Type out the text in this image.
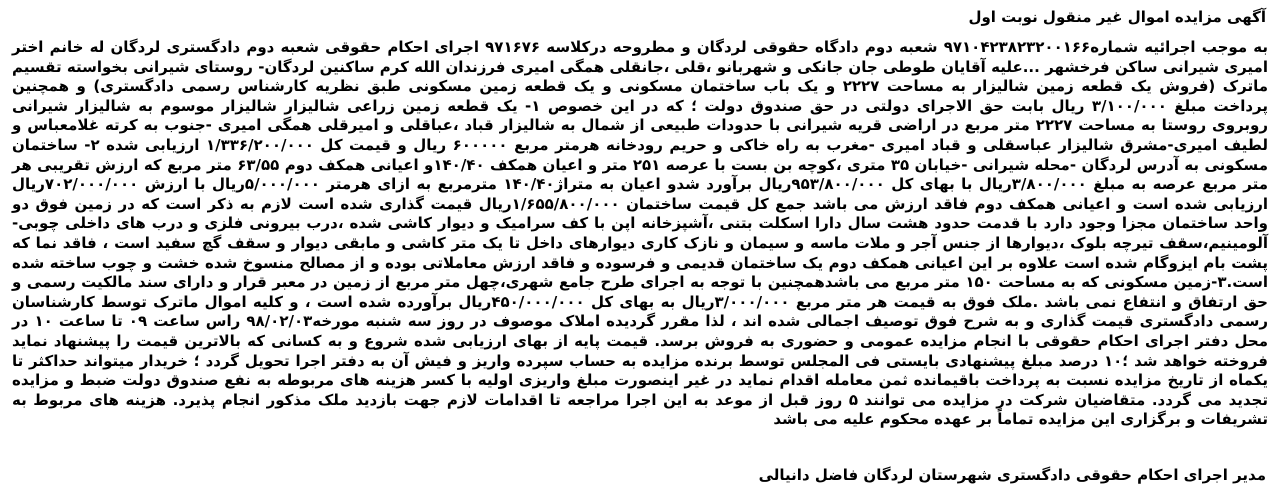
آگهی مزایده اموال غیر منقول نوبت اول

به موجب اجرائیه شماره۹۷۱۰۴۲۳۸۲۳۲۰۰۱۶۶ شعبه دوم دادگاه حقوقی لردگان و مطروحه درکلاسه ۹۷۱۶۷۶ اجرای احکام حقوقی شعبه دوم دادگستری لردگان له خانم اختر امیری شیرانی ساکن فرخشهر ...علیه آقایان طوطی جان جانکی و شهربانو ،قلی ،جانقلی همگی امیری فرزندان الله کرم ساکنین لردگان- روستای شیرانی بخواسته تقسیم ماترک (فروش یک قطعه زمین شالیزار به مساحت ۲۲۲۷ و یک باب ساختمان مسکونی و یک قطعه زمین مسکونی طبق نظریه کارشناس رسمی دادگستری) و همچنین پرداخت مبلغ ۳/۱۰۰/۰۰۰ ریال بابت حق الاجرای دولتی در حق صندوق دولت ؛ که در این خصوص ۱- یک قطعه زمین زراعی شالیزار شالیزار موسوم به شالیزار شیرانی روبروی روستا به مساحت ۲۲۲۷ متر مربع در اراضی قریه شیرانی با حدودات طبیعی از شمال به شالیزار قباد ،عباقلی و امیرقلی همگی امیری -جنوب به کرته غلامعباس و لطیف امیری-مشرق شالیزار عباسقلی و قباد امیری -مغرب به راه خاکی و حریم رودخانه هرمتر مربع ۶۰۰۰۰۰ ریال و قیمت کل ۱/۳۳۶/۲۰۰/۰۰۰ ارزیابی شده ۲- ساختمان مسکونی به آدرس لردگان -محله شیرانی -خیابان ۳۵ متری ،کوچه بن بست با عرصه ۲۵۱ متر و اعیان همکف ۱۴۰/۴۰و اعیانی همکف دوم ۶۳/۵۵ متر مربع که ارزش تقریبی هر متر مربع عرصه به مبلغ ۳/۸۰۰/۰۰۰ریال با بهای کل ۹۵۳/۸۰۰/۰۰۰ریال برآورد شدو اعیان به متراژ۱۴۰/۴۰ مترمربع به ازای هرمتر ۵/۰۰۰/۰۰۰ریال با ارزش ۷۰۲/۰۰۰/۰۰۰ریال ارزیابی شده است و اعیانی همکف دوم فاقد ارزش می باشد جمع کل قیمت ساختمان ۱/۶۵۵/۸۰۰/۰۰۰ریال قیمت گذاری شده است لازم به ذکر است که در زمین فوق دو واحد ساختمان مجزا وجود دارد با قدمت حدود هشت سال دارا اسکلت بتنی ،آشپزخانه اپن با کف سرامیک و دیوار کاشی شده ،درب بیرونی فلزی و درب های داخلی چوبی-آلومینیم،سقف تیرچه بلوک ،دیوارها از جنس آجر و ملات ماسه و سیمان و نازک کاری دیوارهای داخل تا یک متر کاشی و مابقی دیوار و سقف گچ سفید است ، فاقد نما که پشت بام ایزوگام شده است علاوه بر این اعیانی همکف دوم یک ساختمان قدیمی و فرسوده و فاقد ارزش معاملاتی بوده و از مصالح منسوخ شده خشت و چوب ساخته شده است.۳-زمین مسکونی که به مساحت ۱۵۰ متر مربع می باشدهمچنین با توجه به اجرای طرح جامع شهری،چهل متر مربع از زمین در معبر قرار و دارای سند مالکیت رسمی و حق ارتفاق و انتفاع نمی باشد .ملک فوق به قیمت هر متر مربع ۳/۰۰۰/۰۰۰ریال به بهای کل ۴۵۰/۰۰۰/۰۰۰ریال برآورده شده است ، و کلیه اموال ماترک توسط کارشناسان رسمی دادگستری قیمت گذاری و به شرح فوق توصیف اجمالی شده اند ، لذا مقرر گردیده املاک موصوف در روز سه شنبه مورخه۹۸/۰۲/۰۳ راس ساعت ۰۹ تا ساعت ۱۰ در محل دفتر اجرای احکام حقوقی با انجام مزایده عمومی و حضوری به فروش برسد. قیمت پایه از بهای ارزیابی شده شروع و به کسانی که بالاترین قیمت را پیشنهاد نماید فروخته خواهد شد ؛۱۰ درصد مبلغ پیشنهادی بایستی فی المجلس توسط برنده مزایده به حساب سپرده واریز و فیش آن به دفتر اجرا تحویل گردد ؛ خریدار میتواند حداکثر تا یکماه از تاریخ مزایده نسبت به پرداخت باقیمانده ثمن معامله اقدام نماید در غیر اینصورت مبلغ واریزی اولیه با کسر هزینه های مربوطه به نفع صندوق دولت ضبط و مزایده تجدید می گردد. متقاضیان شرکت در مزایده می توانند ۵ روز قبل از موعد به این اجرا مراجعه تا اقدامات لازم جهت بازدید ملک مذکور انجام پذیرد. هزینه های مربوط به تشریفات و برگزاری این مزایده تماماً بر عهده محکوم علیه می باشد

مدیر اجرای احکام حقوقی دادگستری شهرستان لردگان فاضل دانیالی
